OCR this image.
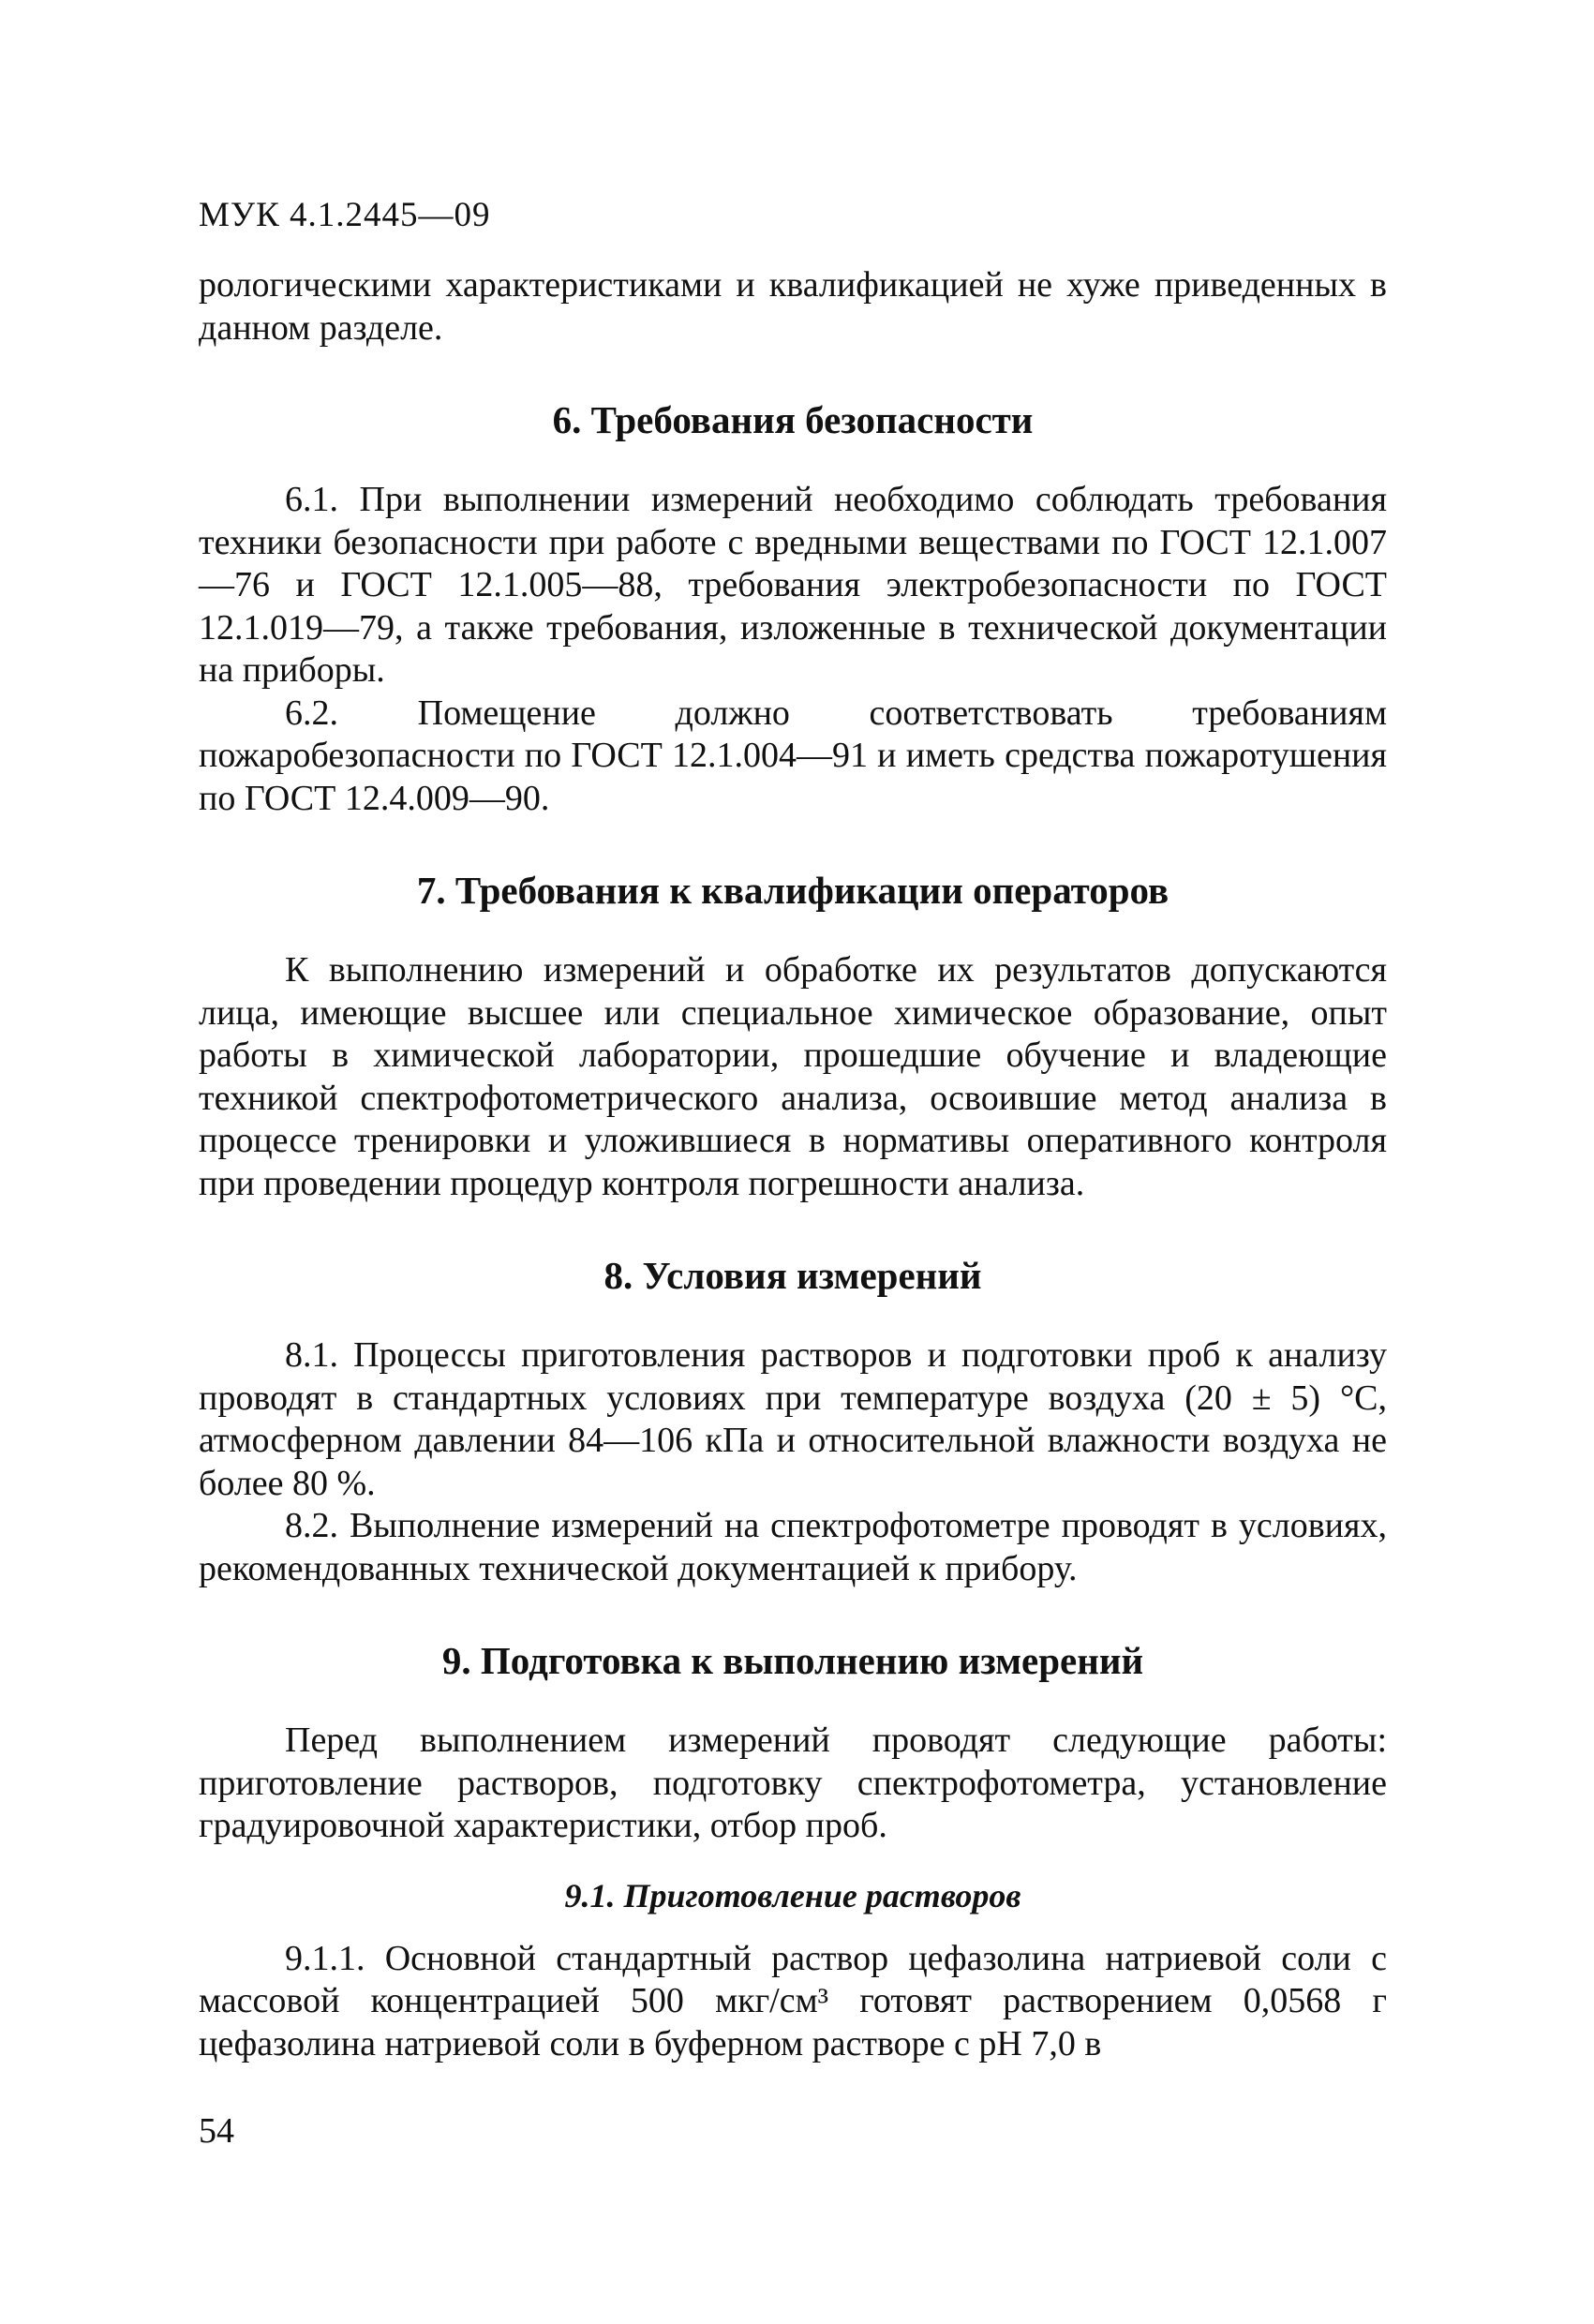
МУК 4.1.2445—09

рологическими характеристиками и квалификацией не хуже приведенных в данном разделе.

6. Требования безопасности

6.1. При выполнении измерений необходимо соблюдать требования техники безопасности при работе с вредными веществами по ГОСТ 12.1.007—76 и ГОСТ 12.1.005—88, требования электробезопасности по ГОСТ 12.1.019—79, а также требования, изложенные в технической документации на приборы.

6.2. Помещение должно соответствовать требованиям пожаробезопасности по ГОСТ 12.1.004—91 и иметь средства пожаротушения по ГОСТ 12.4.009—90.

7. Требования к квалификации операторов

К выполнению измерений и обработке их результатов допускаются лица, имеющие высшее или специальное химическое образование, опыт работы в химической лаборатории, прошедшие обучение и владеющие техникой спектрофотометрического анализа, освоившие метод анализа в процессе тренировки и уложившиеся в нормативы оперативного контроля при проведении процедур контроля погрешности анализа.

8. Условия измерений

8.1. Процессы приготовления растворов и подготовки проб к анализу проводят в стандартных условиях при температуре воздуха (20 ± 5) °С, атмосферном давлении 84—106 кПа и относительной влажности воздуха не более 80 %.

8.2. Выполнение измерений на спектрофотометре проводят в условиях, рекомендованных технической документацией к прибору.

9. Подготовка к выполнению измерений

Перед выполнением измерений проводят следующие работы: приготовление растворов, подготовку спектрофотометра, установление градуировочной характеристики, отбор проб.

9.1. Приготовление растворов

9.1.1. Основной стандартный раствор цефазолина натриевой соли с массовой концентрацией 500 мкг/см³ готовят растворением 0,0568 г цефазолина натриевой соли в буферном растворе с рН 7,0 в

54
